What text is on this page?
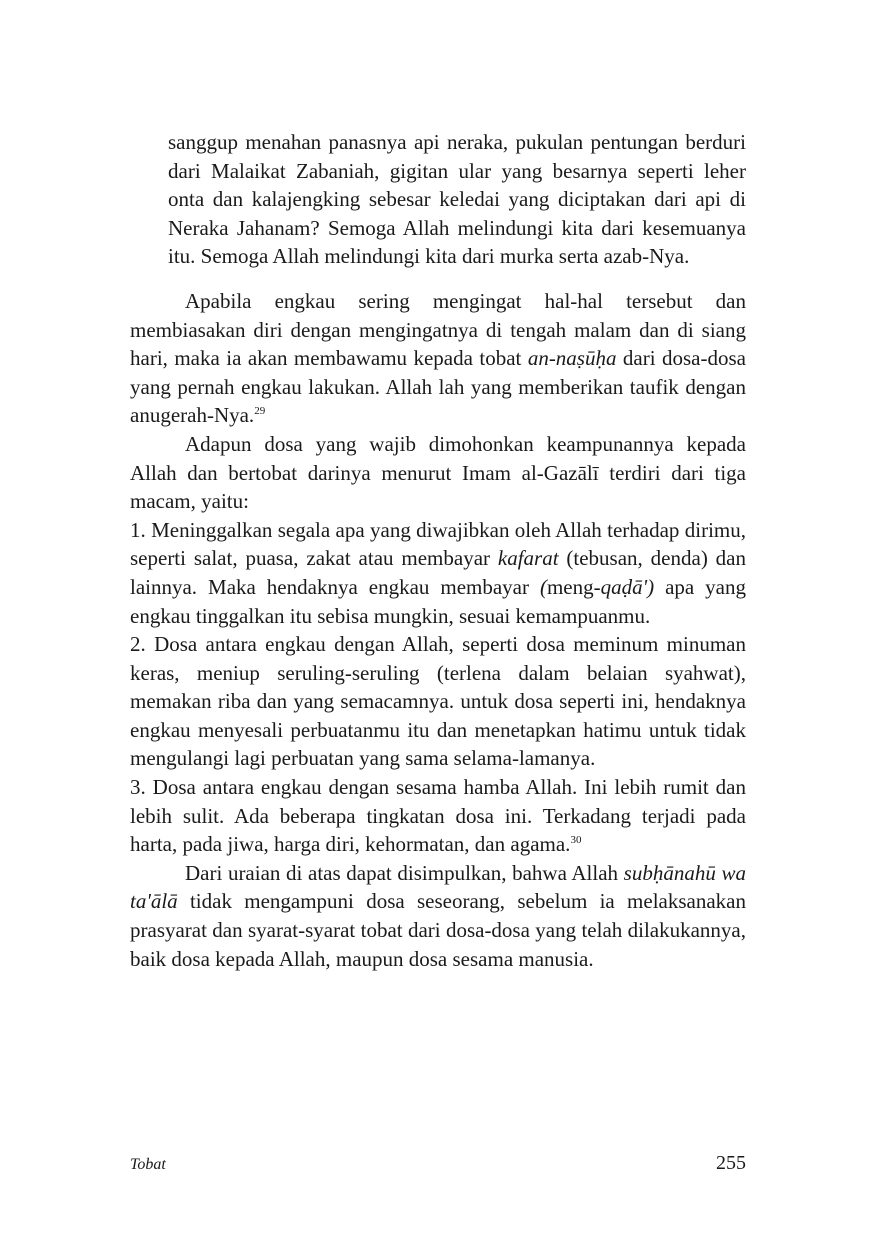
sanggup menahan panasnya api neraka, pukulan pentungan berduri dari Malaikat Zabaniah, gigitan ular yang besarnya seperti leher onta dan kalajengking sebesar keledai yang diciptakan dari api di Neraka Jahanam? Semoga Allah melindungi kita dari kesemuanya itu. Semoga Allah melindungi kita dari murka serta azab-Nya.

Apabila engkau sering mengingat hal-hal tersebut dan membiasakan diri dengan mengingatnya di tengah malam dan di siang hari, maka ia akan membawamu kepada tobat an-naṣūḥa dari dosa-dosa yang pernah engkau lakukan. Allah lah yang memberikan taufik dengan anugerah-Nya.$^{29}$

Adapun dosa yang wajib dimohonkan keampunannya kepada Allah dan bertobat darinya menurut Imam al-Gazālī terdiri dari tiga macam, yaitu:

1. Meninggalkan segala apa yang diwajibkan oleh Allah terhadap dirimu, seperti salat, puasa, zakat atau membayar kafarat (tebusan, denda) dan lainnya. Maka hendaknya engkau membayar (meng-qaḍā') apa yang engkau tinggalkan itu sebisa mungkin, sesuai kemampuanmu.

2. Dosa antara engkau dengan Allah, seperti dosa meminum minuman keras, meniup seruling-seruling (terlena dalam belaian syahwat), memakan riba dan yang semacamnya. untuk dosa seperti ini, hendaknya engkau menyesali perbuatanmu itu dan menetapkan hatimu untuk tidak mengulangi lagi perbuatan yang sama selama-lamanya.

3. Dosa antara engkau dengan sesama hamba Allah. Ini lebih rumit dan lebih sulit. Ada beberapa tingkatan dosa ini. Terkadang terjadi pada harta, pada jiwa, harga diri, kehormatan, dan agama.$^{30}$

Dari uraian di atas dapat disimpulkan, bahwa Allah subḥānahū wa ta'ālā tidak mengampuni dosa seseorang, sebelum ia melaksanakan prasyarat dan syarat-syarat tobat dari dosa-dosa yang telah dilakukannya, baik dosa kepada Allah, maupun dosa sesama manusia.

Tobat	255
